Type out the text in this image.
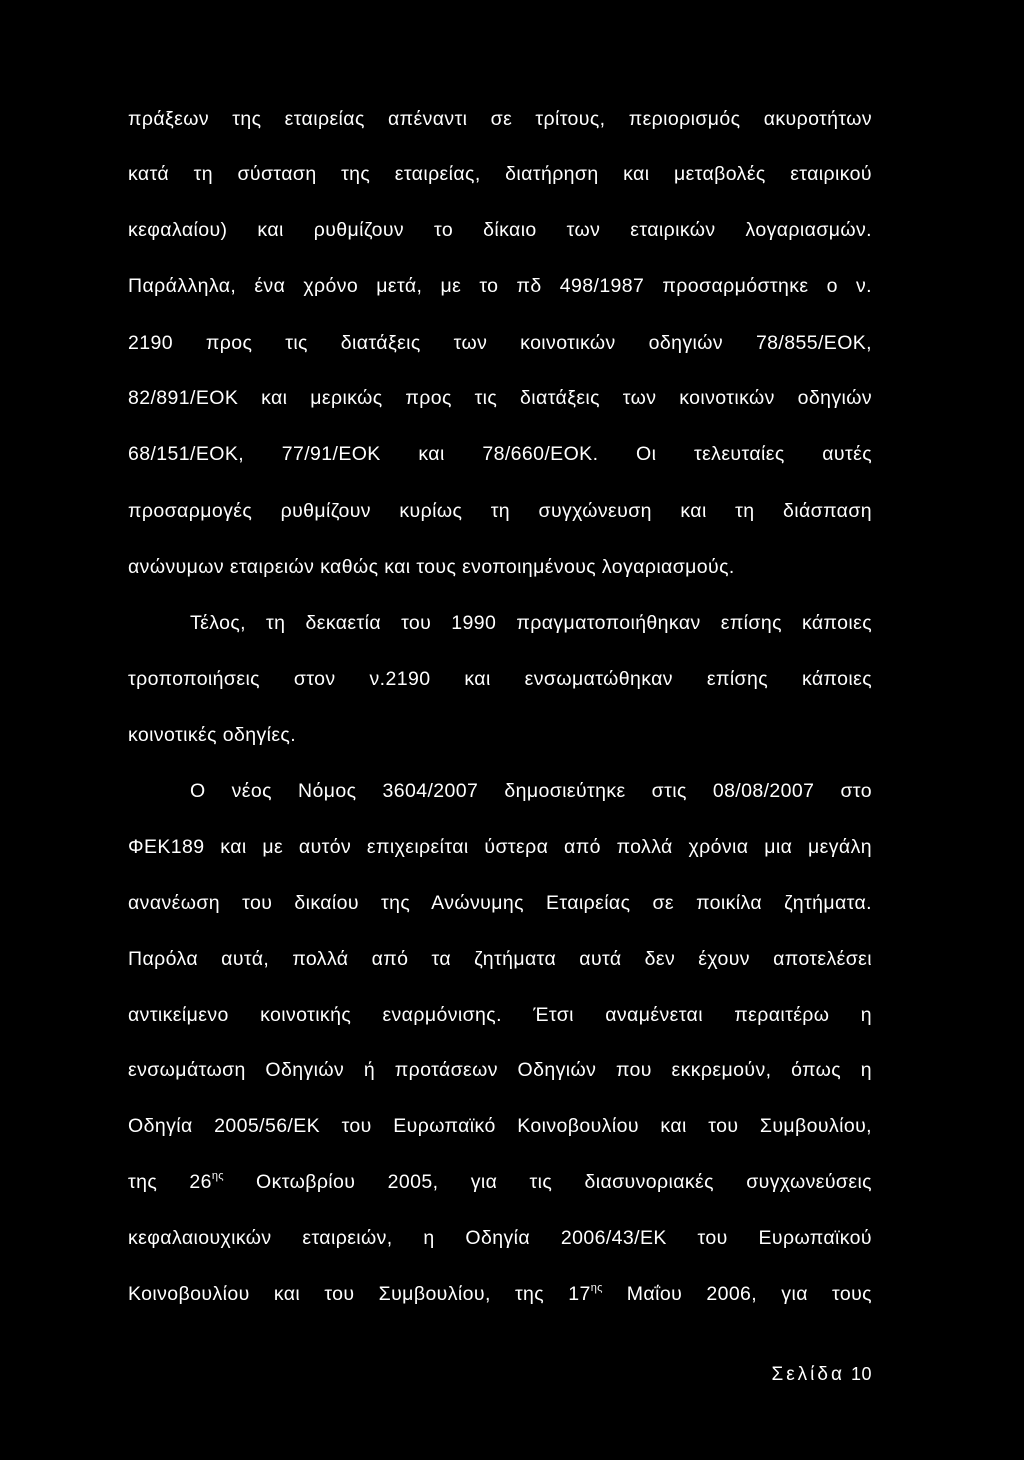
πράξεων της εταιρείας απέναντι σε τρίτους, περιορισμός ακυροτήτων
κατά τη σύσταση της εταιρείας, διατήρηση και μεταβολές εταιρικού
κεφαλαίου) και ρυθμίζουν το δίκαιο των εταιρικών λογαριασμών.
Παράλληλα, ένα χρόνο μετά, με το πδ 498/1987 προσαρμόστηκε ο ν.
2190 προς τις διατάξεις των κοινοτικών οδηγιών 78/855/ΕΟΚ,
82/891/ΕΟΚ και μερικώς προς τις διατάξεις των κοινοτικών οδηγιών
68/151/ΕΟΚ, 77/91/ΕΟΚ και 78/660/ΕΟΚ. Οι τελευταίες αυτές
προσαρμογές ρυθμίζουν κυρίως τη συγχώνευση και τη διάσπαση
ανώνυμων εταιρειών καθώς και τους ενοποιημένους λογαριασμούς.
Τέλος, τη δεκαετία του 1990 πραγματοποιήθηκαν επίσης κάποιες
τροποποιήσεις στον ν.2190 και ενσωματώθηκαν επίσης κάποιες
κοινοτικές οδηγίες.
Ο νέος Νόμος 3604/2007 δημοσιεύτηκε στις 08/08/2007 στο
ΦΕΚ189 και με αυτόν επιχειρείται ύστερα από πολλά χρόνια μια μεγάλη
ανανέωση του δικαίου της Ανώνυμης Εταιρείας σε ποικίλα ζητήματα.
Παρόλα αυτά, πολλά από τα ζητήματα αυτά δεν έχουν αποτελέσει
αντικείμενο κοινοτικής εναρμόνισης. Έτσι αναμένεται περαιτέρω η
ενσωμάτωση Οδηγιών ή προτάσεων Οδηγιών που εκκρεμούν, όπως η
Οδηγία 2005/56/ΕΚ του Ευρωπαϊκό Κοινοβουλίου και του Συμβουλίου,
της $26^{\eta\varsigma}$ Οκτωβρίου 2005, για τις διασυνοριακές συγχωνεύσεις
κεφαλαιουχικών εταιρειών, η Οδηγία 2006/43/ΕΚ του Ευρωπαϊκού
Κοινοβουλίου και του Συμβουλίου, της $17^{\eta\varsigma}$ Μαΐου 2006, για τους
Σελίδα 10
